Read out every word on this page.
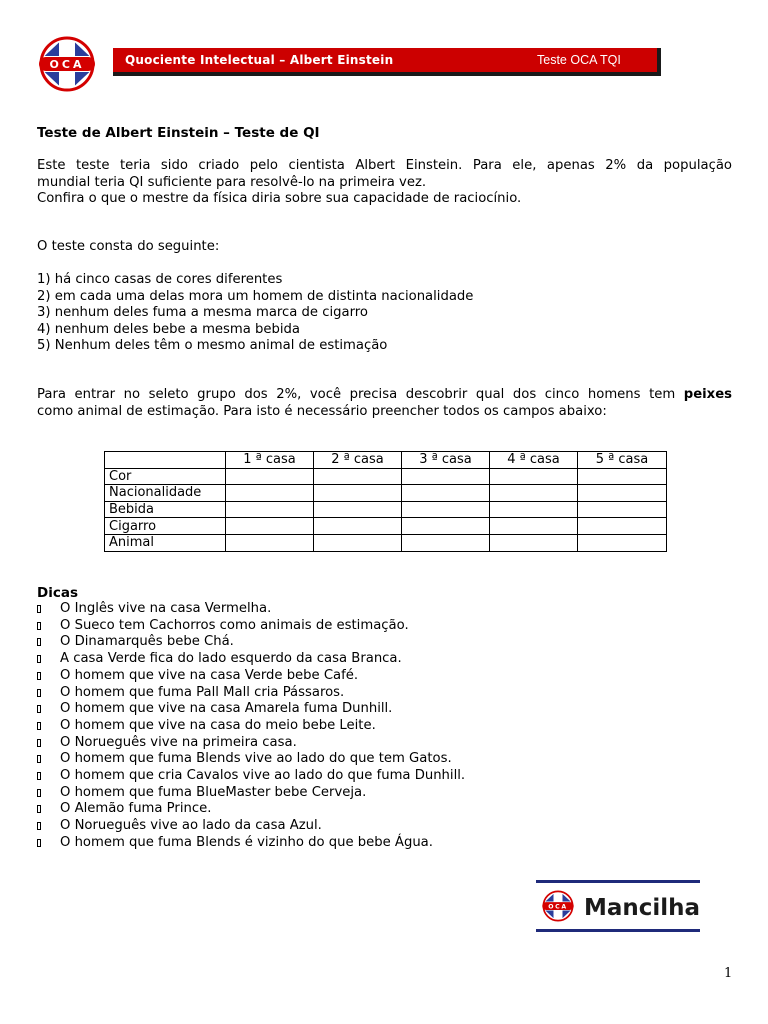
OCA	Quociente Intelectual – Albert Einstein	Teste OCA TQI
Teste de Albert Einstein – Teste de QI
Este teste teria sido criado pelo cientista Albert Einstein. Para ele, apenas 2% da população
mundial teria QI suficiente para resolvê-lo na primeira vez.
Confira o que o mestre da física diria sobre sua capacidade de raciocínio.
O teste consta do seguinte:
1) há cinco casas de cores diferentes
2) em cada uma delas mora um homem de distinta nacionalidade
3) nenhum deles fuma a mesma marca de cigarro
4) nenhum deles bebe a mesma bebida
5) Nenhum deles têm o mesmo animal de estimação
Para entrar no seleto grupo dos 2%, você precisa descobrir qual dos cinco homens tem peixes
como animal de estimação. Para isto é necessário preencher todos os campos abaixo:
	1 ª casa	2 ª casa	3 ª casa	4 ª casa	5 ª casa
Cor					
Nacionalidade					
Bebida					
Cigarro					
Animal					
Dicas
O Inglês vive na casa Vermelha.
O Sueco tem Cachorros como animais de estimação.
O Dinamarquês bebe Chá.
A casa Verde fica do lado esquerdo da casa Branca.
O homem que vive na casa Verde bebe Café.
O homem que fuma Pall Mall cria Pássaros.
O homem que vive na casa Amarela fuma Dunhill.
O homem que vive na casa do meio bebe Leite.
O Norueguês vive na primeira casa.
O homem que fuma Blends vive ao lado do que tem Gatos.
O homem que cria Cavalos vive ao lado do que fuma Dunhill.
O homem que fuma BlueMaster bebe Cerveja.
O Alemão fuma Prince.
O Norueguês vive ao lado da casa Azul.
O homem que fuma Blends é vizinho do que bebe Água.
OCA Mancilha
1
